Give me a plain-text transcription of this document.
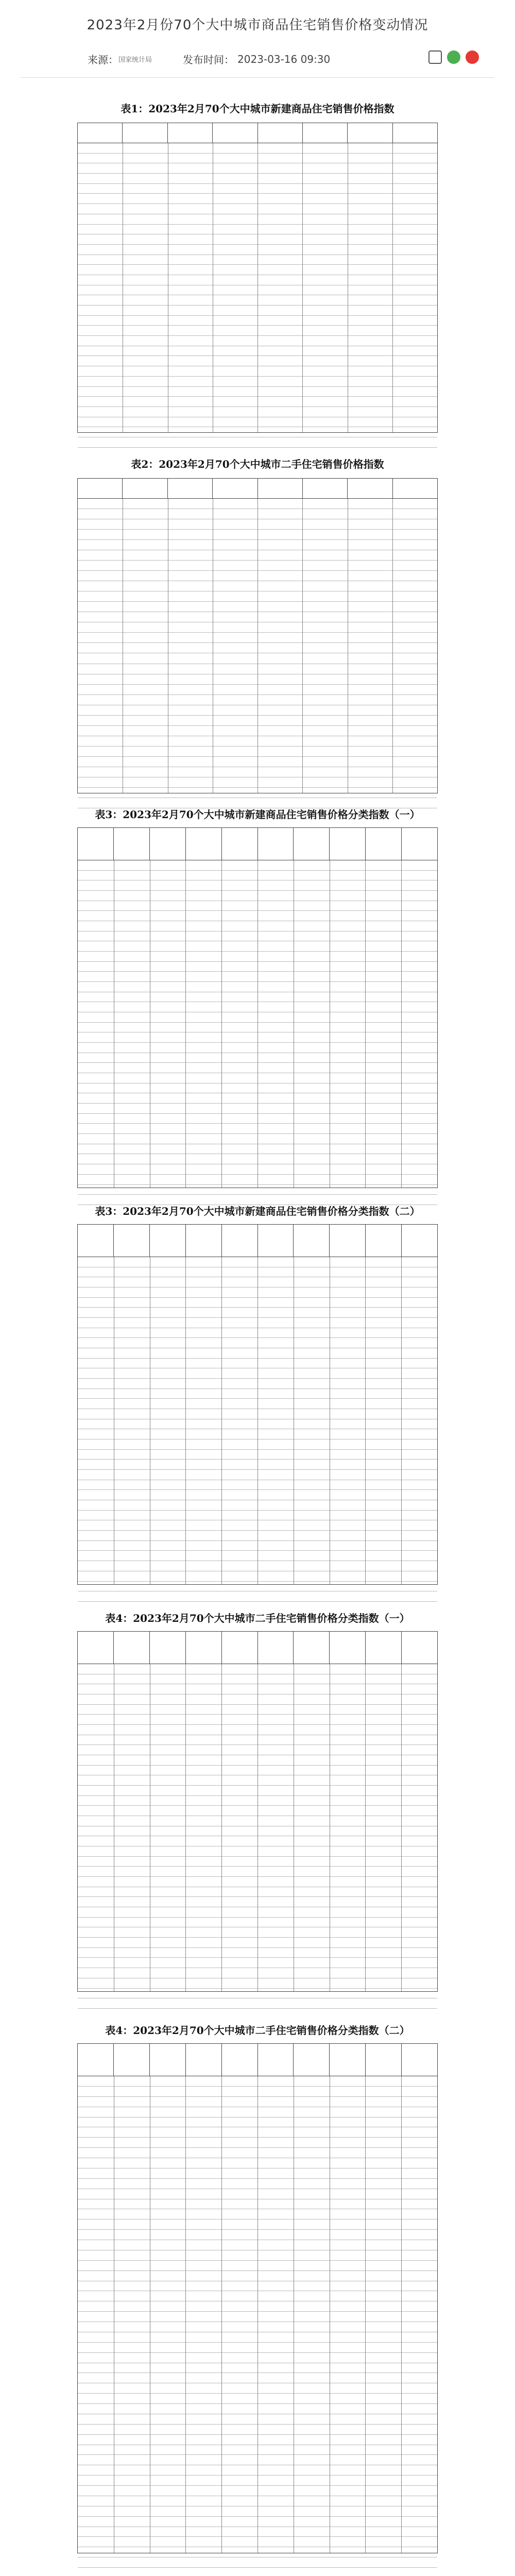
2023年2月份70个大中城市商品住宅销售价格变动情况
来源： 国家统计局	发布时间： 2023-03-16 09:30
表1：2023年2月70个大中城市新建商品住宅销售价格指数
表2：2023年2月70个大中城市二手住宅销售价格指数
表3：2023年2月70个大中城市新建商品住宅销售价格分类指数（一）
表3：2023年2月70个大中城市新建商品住宅销售价格分类指数（二）
表4：2023年2月70个大中城市二手住宅销售价格分类指数（一）
表4：2023年2月70个大中城市二手住宅销售价格分类指数（二）
